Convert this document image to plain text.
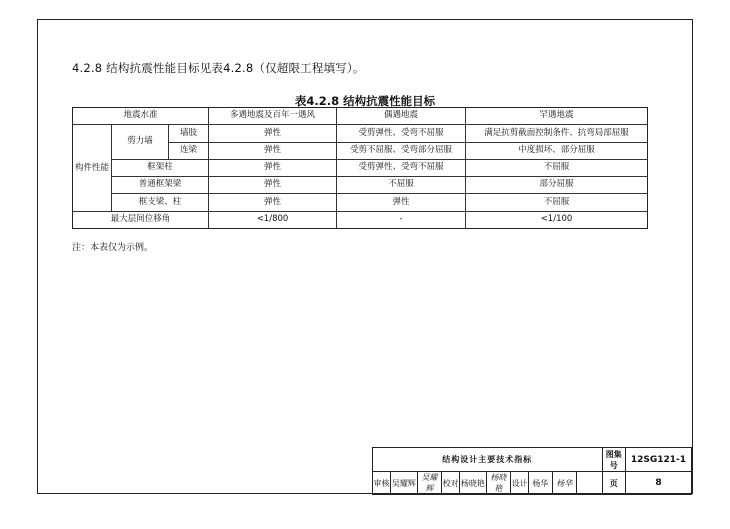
4.2.8 结构抗震性能目标见表4.2.8（仅超限工程填写）。
表4.2.8 结构抗震性能目标
地震水准			多遇地震及百年一遇风	偶遇地震	罕遇地震
构件性能	剪力墙	墙肢	弹性	受剪弹性、受弯不屈服	满足抗剪截面控制条件、抗弯局部屈服
		连梁	弹性	受剪不屈服、受弯部分屈服	中度损坏、部分屈服
	框架柱		弹性	受剪弹性、受弯不屈服	不屈服
	普通框架梁		弹性	不屈服	部分屈服
	框支梁、柱		弹性	弹性	不屈服
最大层间位移角			<1/800	-	<1/100
注：本表仅为示例。
结构设计主要技术指标										图集号	12SG121-1
审核	吴耀辉	吴耀辉	校对	杨晓艳	杨晓艳	设计	杨华	杨华		页	8
